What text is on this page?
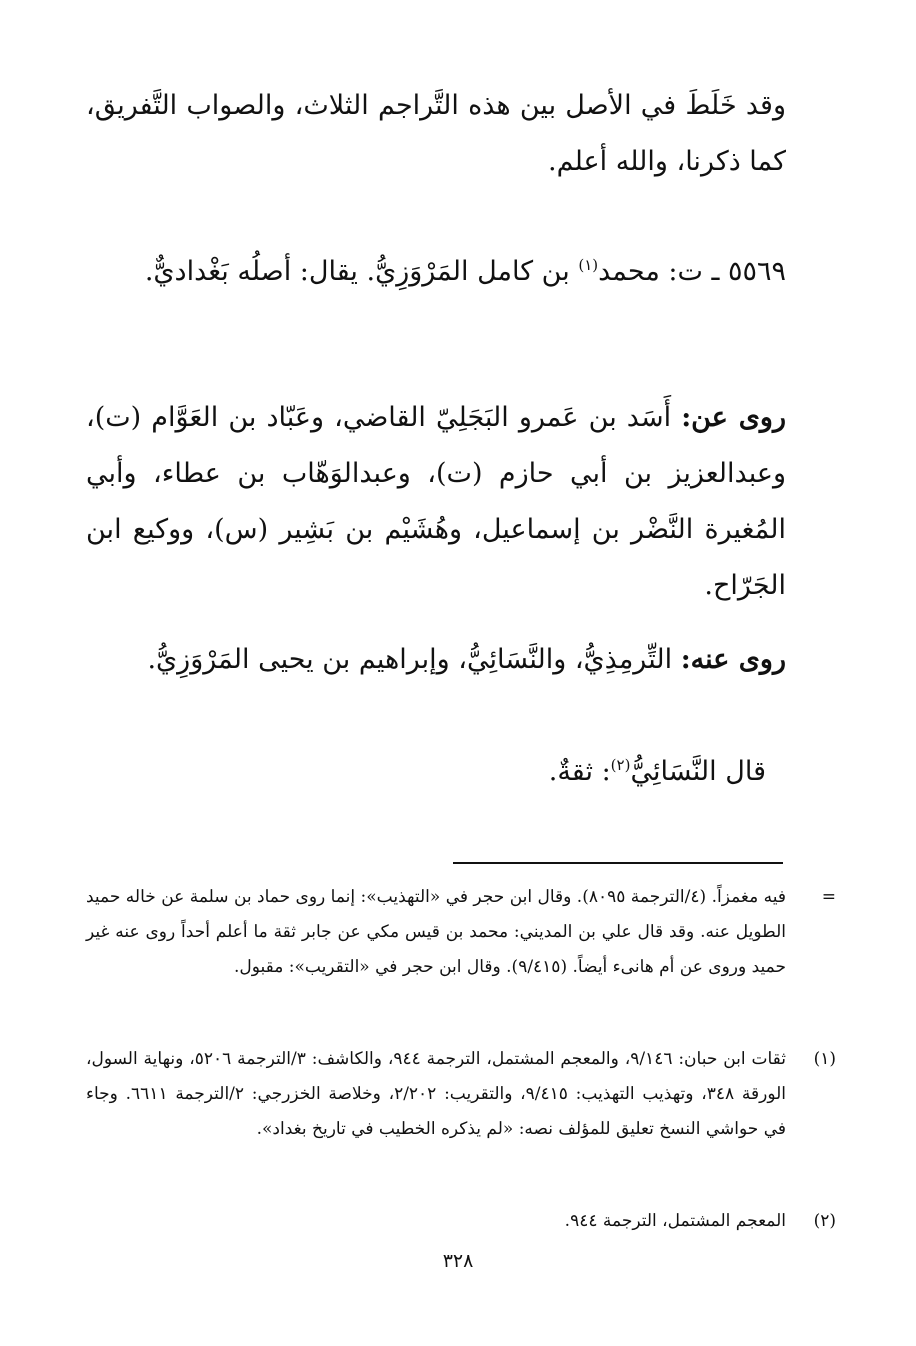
وقد خَلَطَ في الأصل بين هذه التَّراجم الثلاث، والصواب التَّفريق، كما ذكرنا، والله أعلم.
٥٥٦٩ ـ ت: محمد$^{(١)}$ بن كامل المَرْوَزِيُّ. يقال: أصلُه بَغْداديٌّ.
روى عن: أَسَد بن عَمرو البَجَلِيّ القاضي، وعَبّاد بن العَوَّام (ت)، وعبدالعزيز بن أبي حازم (ت)، وعبدالوَهّاب بن عطاء، وأبي المُغيرة النَّضْر بن إسماعيل، وهُشَيْم بن بَشِير (س)، ووكيع ابن الجَرّاح.
روى عنه: التِّرمِذِيُّ، والنَّسَائِيُّ، وإبراهيم بن يحيى المَرْوَزِيُّ.
قال النَّسَائِيُّ$^{(٢)}$: ثقةٌ.
=
فيه مغمزاً. (٤/الترجمة ٨٠٩٥). وقال ابن حجر في «التهذيب»: إنما روى حماد بن سلمة عن خاله حميد الطويل عنه. وقد قال علي بن المديني: محمد بن قيس مكي عن جابر ثقة ما أعلم أحداً روى عنه غير حميد وروى عن أم هانىء أيضاً. (٩/٤١٥). وقال ابن حجر في «التقريب»: مقبول.
(١)
ثقات ابن حبان: ٩/١٤٦، والمعجم المشتمل، الترجمة ٩٤٤، والكاشف: ٣/الترجمة ٥٢٠٦، ونهاية السول، الورقة ٣٤٨، وتهذيب التهذيب: ٩/٤١٥، والتقريب: ٢/٢٠٢، وخلاصة الخزرجي: ٢/الترجمة ٦٦١١. وجاء في حواشي النسخ تعليق للمؤلف نصه: «لم يذكره الخطيب في تاريخ بغداد».
(٢)
المعجم المشتمل، الترجمة ٩٤٤.
٣٢٨
